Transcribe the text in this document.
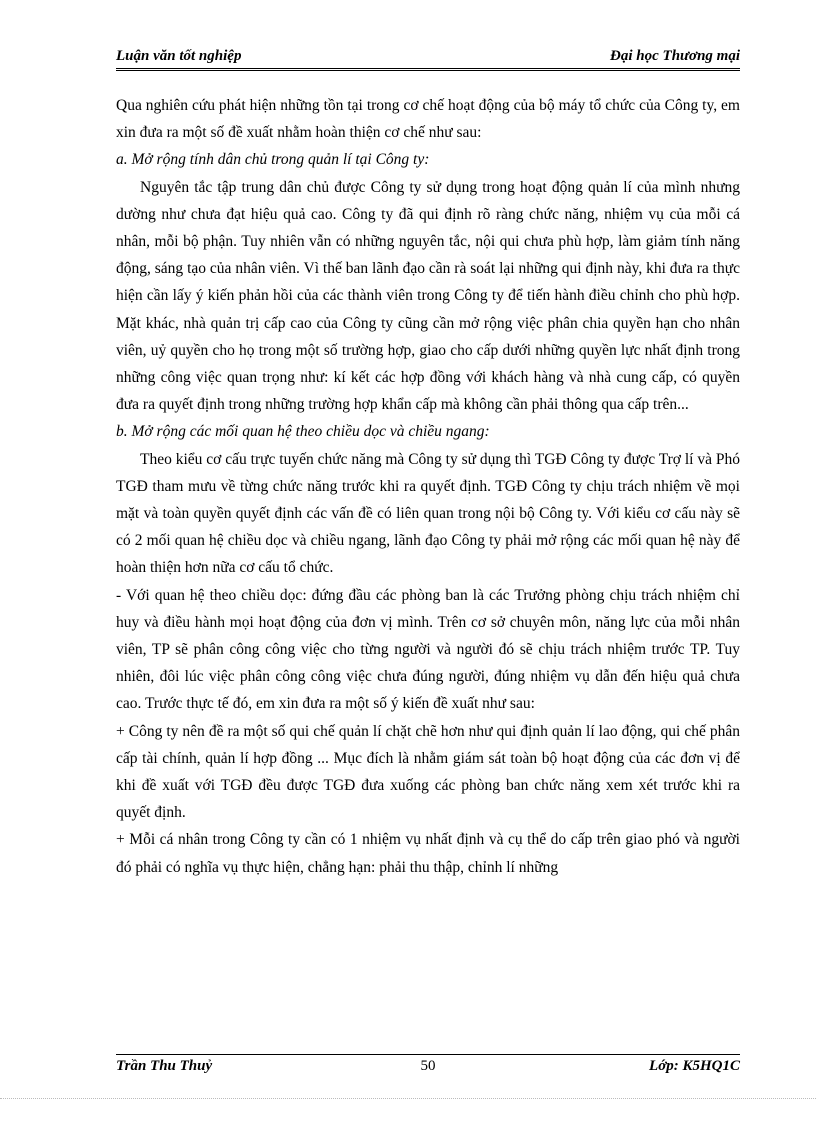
Luận văn tốt nghiệp	Đại học Thương mại

Qua nghiên cứu phát hiện những tồn tại trong cơ chế hoạt động của bộ máy tổ chức của Công ty, em xin đưa ra một số đề xuất nhằm hoàn thiện cơ chế như sau:

a. Mở rộng tính dân chủ trong quản lí tại Công ty:

Nguyên tắc tập trung dân chủ được Công ty sử dụng trong hoạt động quản lí của mình nhưng dường như chưa đạt hiệu quả cao. Công ty đã qui định rõ ràng chức năng, nhiệm vụ của mỗi cá nhân, mỗi bộ phận. Tuy nhiên vẫn có những nguyên tắc, nội qui chưa phù hợp, làm giảm tính năng động, sáng tạo của nhân viên. Vì thế ban lãnh đạo cần rà soát lại những qui định này, khi đưa ra thực hiện cần lấy ý kiến phản hồi của các thành viên trong Công ty để tiến hành điều chỉnh cho phù hợp. Mặt khác, nhà quản trị cấp cao của Công ty cũng cần mở rộng việc phân chia quyền hạn cho nhân viên, uỷ quyền cho họ trong một số trường hợp, giao cho cấp dưới những quyền lực nhất định trong những công việc quan trọng như: kí kết các hợp đồng với khách hàng và nhà cung cấp, có quyền đưa ra quyết định trong những trường hợp khẩn cấp mà không cần phải thông qua cấp trên...

b. Mở rộng các mối quan hệ theo chiều dọc và chiều ngang:

Theo kiểu cơ cấu trực tuyến chức năng mà Công ty sử dụng thì TGĐ Công ty được Trợ lí và Phó TGĐ tham mưu về từng chức năng trước khi ra quyết định. TGĐ Công ty chịu trách nhiệm về mọi mặt và toàn quyền quyết định các vấn đề có liên quan trong nội bộ Công ty. Với kiểu cơ cấu này sẽ có 2 mối quan hệ chiều dọc và chiều ngang, lãnh đạo Công ty phải mở rộng các mối quan hệ này để hoàn thiện hơn nữa cơ cấu tổ chức.

- Với quan hệ theo chiều dọc: đứng đầu các phòng ban là các Trưởng phòng chịu trách nhiệm chỉ huy và điều hành mọi hoạt động của đơn vị mình. Trên cơ sở chuyên môn, năng lực của mỗi nhân viên, TP sẽ phân công công việc cho từng người và người đó sẽ chịu trách nhiệm trước TP. Tuy nhiên, đôi lúc việc phân công công việc chưa đúng người, đúng nhiệm vụ dẫn đến hiệu quả chưa cao. Trước thực tế đó, em xin đưa ra một số ý kiến đề xuất như sau:

+ Công ty nên đề ra một số qui chế quản lí chặt chẽ hơn như qui định quản lí lao động, qui chế phân cấp tài chính, quản lí hợp đồng ... Mục đích là nhằm giám sát toàn bộ hoạt động của các đơn vị để khi đề xuất với TGĐ đều được TGĐ đưa xuống các phòng ban chức năng xem xét trước khi ra quyết định.

+ Mỗi cá nhân trong Công ty cần có 1 nhiệm vụ nhất định và cụ thể do cấp trên giao phó và người đó phải có nghĩa vụ thực hiện, chẳng hạn: phải thu thập, chỉnh lí những

Trần Thu Thuỷ	50	Lớp: K5HQ1C
